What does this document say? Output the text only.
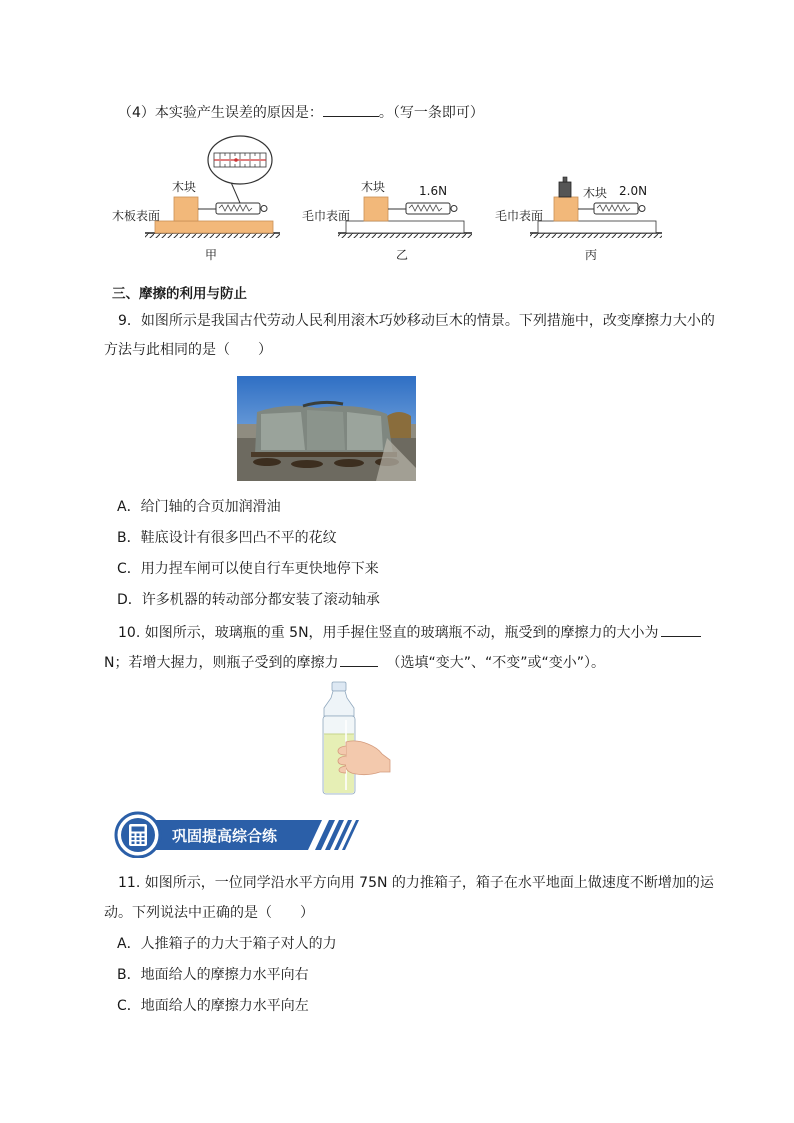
（4）本实验产生误差的原因是：	。（写一条即可）
木块
木板表面
甲
木块	1.6N
毛巾表面
乙
木块 2.0N
毛巾表面
丙
三、摩擦的利用与防止
9．如图所示是我国古代劳动人民利用滚木巧妙移动巨木的情景。下列措施中，改变摩擦力大小的
方法与此相同的是（　　）
A．给门轴的合页加润滑油
B．鞋底设计有很多凹凸不平的花纹
C．用力捏车闸可以使自行车更快地停下来
D．许多机器的转动部分都安装了滚动轴承
10. 如图所示，玻璃瓶的重 5N，用手握住竖直的玻璃瓶不动，瓶受到的摩擦力的大小为
N；若增大握力，则瓶子受到的摩擦力	（选填“变大”、“不变”或“变小”）。
巩固提高综合练
11. 如图所示，一位同学沿水平方向用 75N 的力推箱子，箱子在水平地面上做速度不断增加的运
动。下列说法中正确的是（　　）
A．人推箱子的力大于箱子对人的力
B．地面给人的摩擦力水平向右
C．地面给人的摩擦力水平向左
